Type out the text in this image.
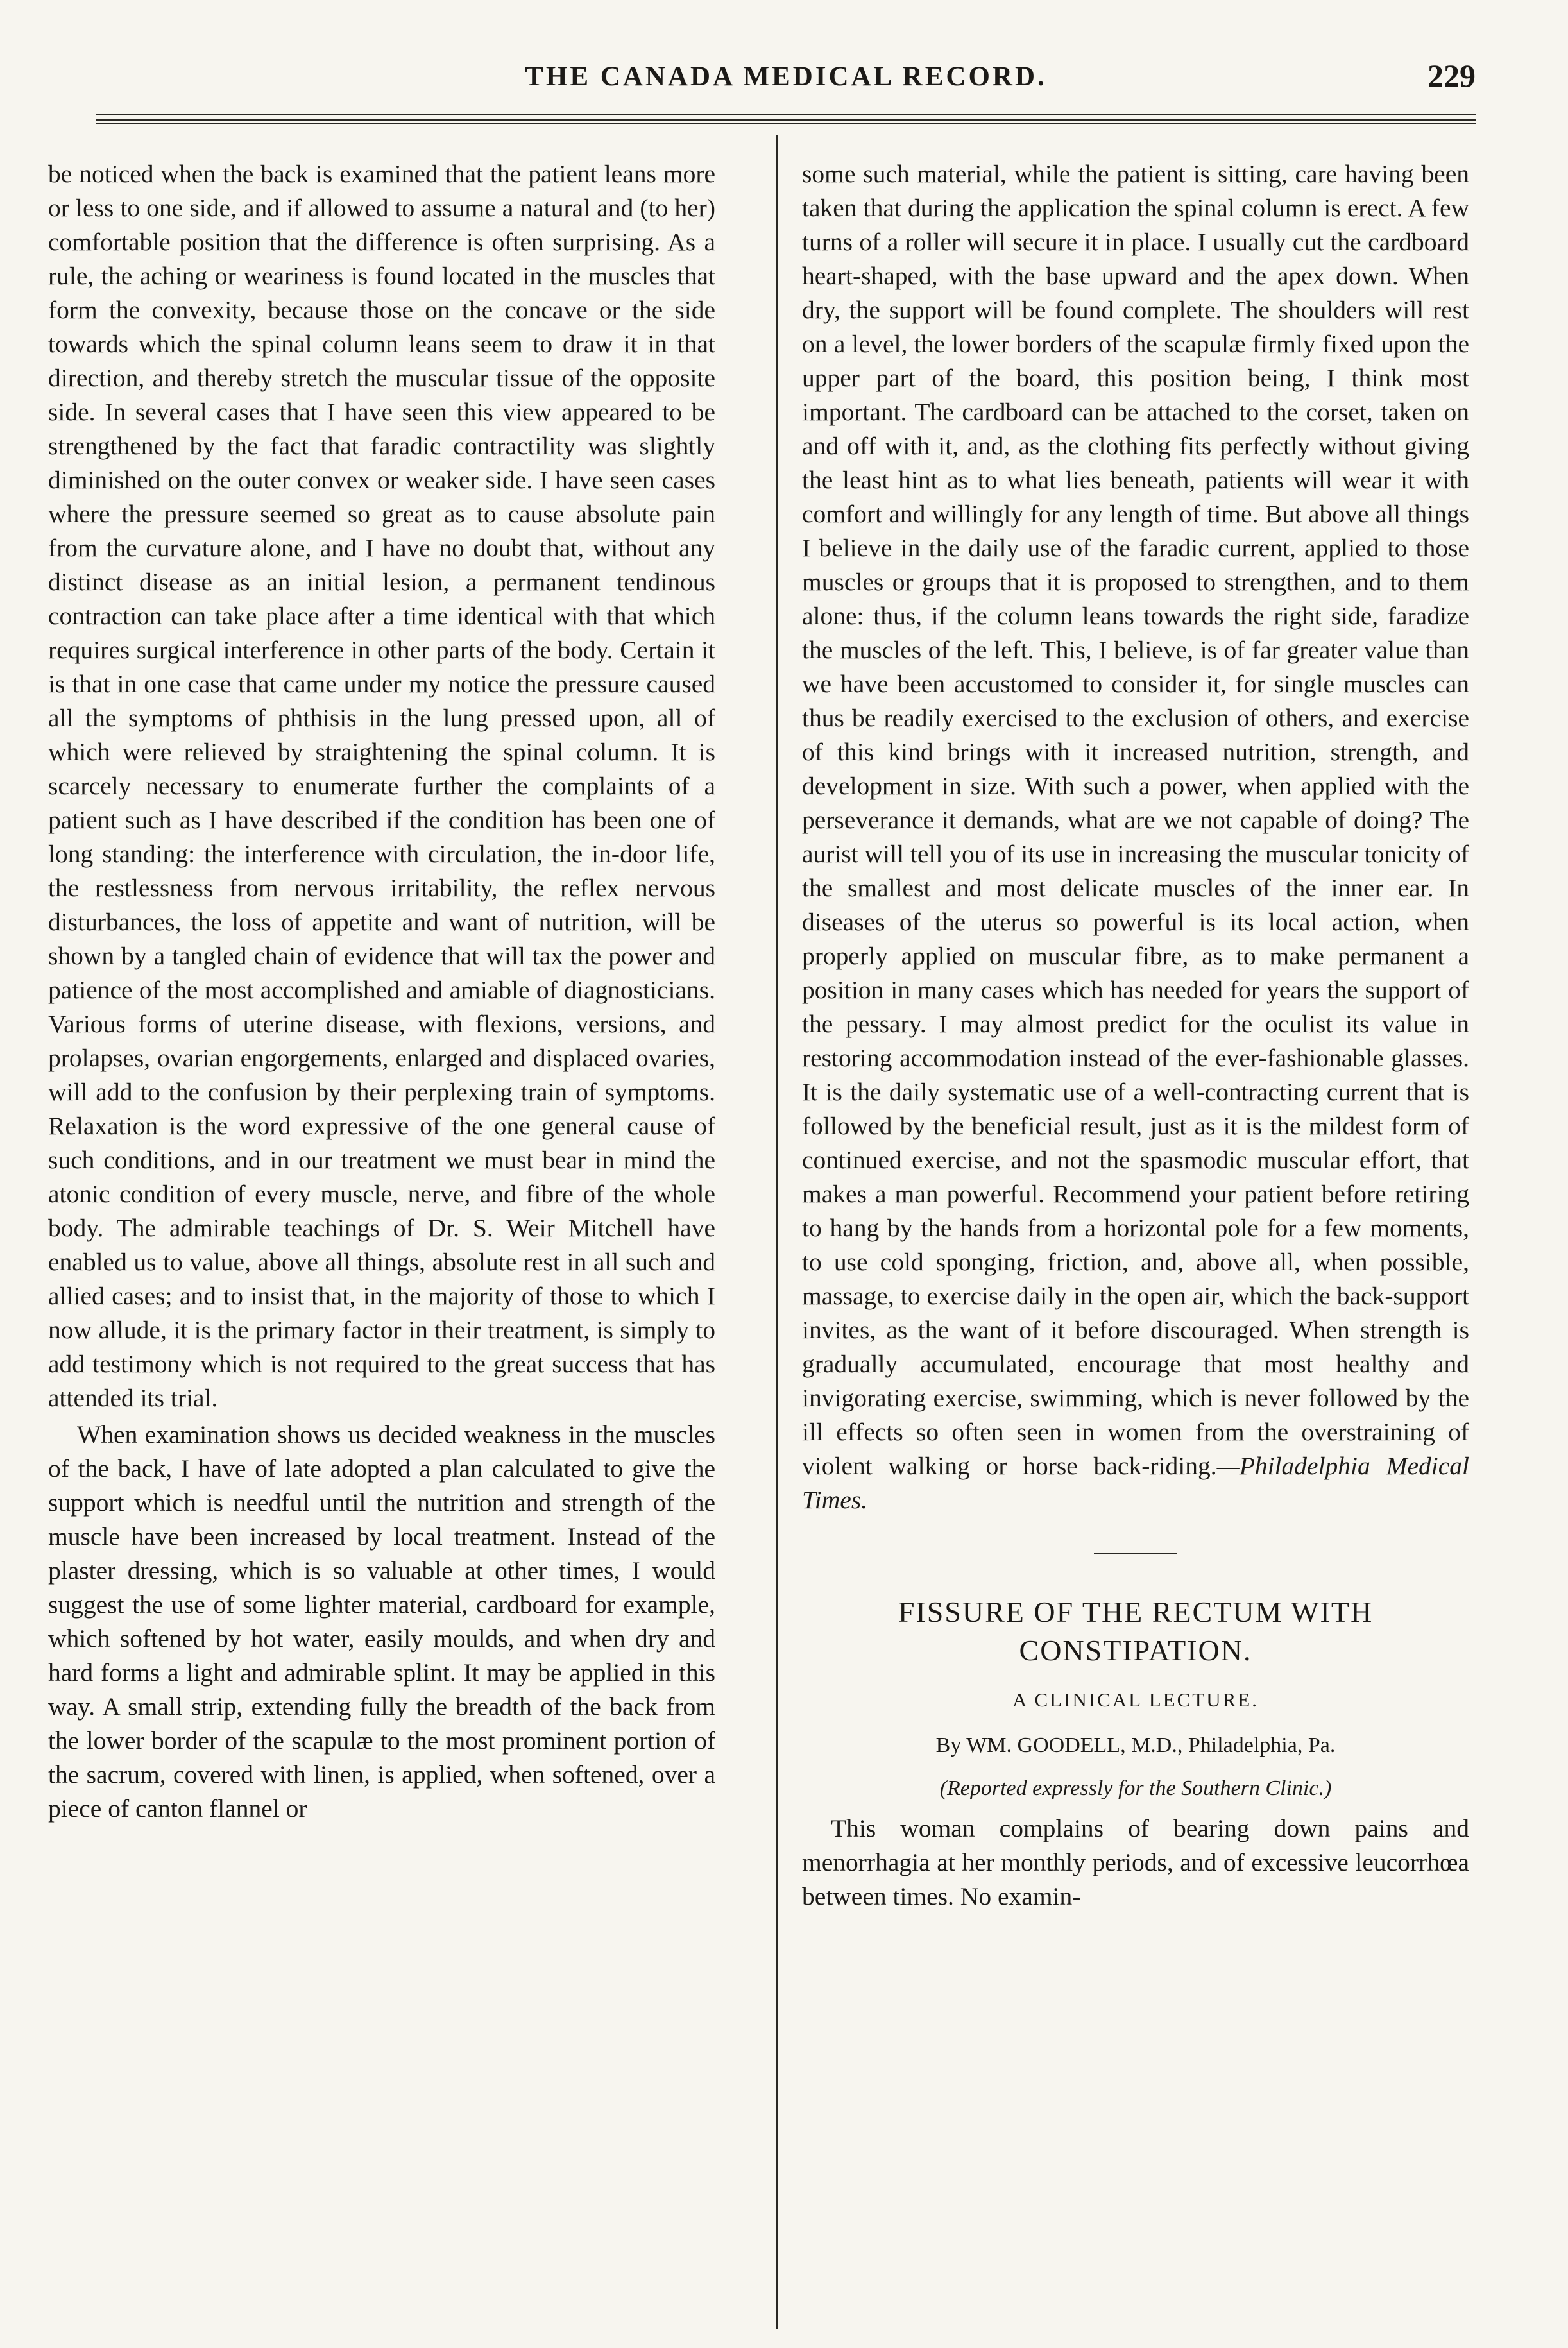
THE CANADA MEDICAL RECORD.	229

be noticed when the back is examined that the patient leans more or less to one side, and if allowed to assume a natural and (to her) comfortable position that the difference is often surprising. As a rule, the aching or weariness is found located in the muscles that form the convexity, because those on the concave or the side towards which the spinal column leans seem to draw it in that direction, and thereby stretch the muscular tissue of the opposite side. In several cases that I have seen this view appeared to be strengthened by the fact that faradic contractility was slightly diminished on the outer convex or weaker side. I have seen cases where the pressure seemed so great as to cause absolute pain from the curvature alone, and I have no doubt that, without any distinct disease as an initial lesion, a permanent tendinous contraction can take place after a time identical with that which requires surgical interference in other parts of the body. Certain it is that in one case that came under my notice the pressure caused all the symptoms of phthisis in the lung pressed upon, all of which were relieved by straightening the spinal column. It is scarcely necessary to enumerate further the complaints of a patient such as I have described if the condition has been one of long standing: the interference with circulation, the in-door life, the restlessness from nervous irritability, the reflex nervous disturbances, the loss of appetite and want of nutrition, will be shown by a tangled chain of evidence that will tax the power and patience of the most accomplished and amiable of diagnosticians. Various forms of uterine disease, with flexions, versions, and prolapses, ovarian engorgements, enlarged and displaced ovaries, will add to the confusion by their perplexing train of symptoms. Relaxation is the word expressive of the one general cause of such conditions, and in our treatment we must bear in mind the atonic condition of every muscle, nerve, and fibre of the whole body. The admirable teachings of Dr. S. Weir Mitchell have enabled us to value, above all things, absolute rest in all such and allied cases; and to insist that, in the majority of those to which I now allude, it is the primary factor in their treatment, is simply to add testimony which is not required to the great success that has attended its trial.

When examination shows us decided weakness in the muscles of the back, I have of late adopted a plan calculated to give the support which is needful until the nutrition and strength of the muscle have been increased by local treatment. Instead of the plaster dressing, which is so valuable at other times, I would suggest the use of some lighter material, cardboard for example, which softened by hot water, easily moulds, and when dry and hard forms a light and admirable splint. It may be applied in this way. A small strip, extending fully the breadth of the back from the lower border of the scapulæ to the most prominent portion of the sacrum, covered with linen, is applied, when softened, over a piece of canton flannel or

some such material, while the patient is sitting, care having been taken that during the application the spinal column is erect. A few turns of a roller will secure it in place. I usually cut the cardboard heart-shaped, with the base upward and the apex down. When dry, the support will be found complete. The shoulders will rest on a level, the lower borders of the scapulæ firmly fixed upon the upper part of the board, this position being, I think most important. The cardboard can be attached to the corset, taken on and off with it, and, as the clothing fits perfectly without giving the least hint as to what lies beneath, patients will wear it with comfort and willingly for any length of time. But above all things I believe in the daily use of the faradic current, applied to those muscles or groups that it is proposed to strengthen, and to them alone: thus, if the column leans towards the right side, faradize the muscles of the left. This, I believe, is of far greater value than we have been accustomed to consider it, for single muscles can thus be readily exercised to the exclusion of others, and exercise of this kind brings with it increased nutrition, strength, and development in size. With such a power, when applied with the perseverance it demands, what are we not capable of doing? The aurist will tell you of its use in increasing the muscular tonicity of the smallest and most delicate muscles of the inner ear. In diseases of the uterus so powerful is its local action, when properly applied on muscular fibre, as to make permanent a position in many cases which has needed for years the support of the pessary. I may almost predict for the oculist its value in restoring accommodation instead of the ever-fashionable glasses. It is the daily systematic use of a well-contracting current that is followed by the beneficial result, just as it is the mildest form of continued exercise, and not the spasmodic muscular effort, that makes a man powerful. Recommend your patient before retiring to hang by the hands from a horizontal pole for a few moments, to use cold sponging, friction, and, above all, when possible, massage, to exercise daily in the open air, which the back-support invites, as the want of it before discouraged. When strength is gradually accumulated, encourage that most healthy and invigorating exercise, swimming, which is never followed by the ill effects so often seen in women from the overstraining of violent walking or horse back-riding.—Philadelphia Medical Times.

FISSURE OF THE RECTUM WITH CONSTIPATION.
A CLINICAL LECTURE.
By WM. GOODELL, M.D., Philadelphia, Pa.
(Reported expressly for the Southern Clinic.)

This woman complains of bearing down pains and menorrhagia at her monthly periods, and of excessive leucorrhœa between times. No examin-
